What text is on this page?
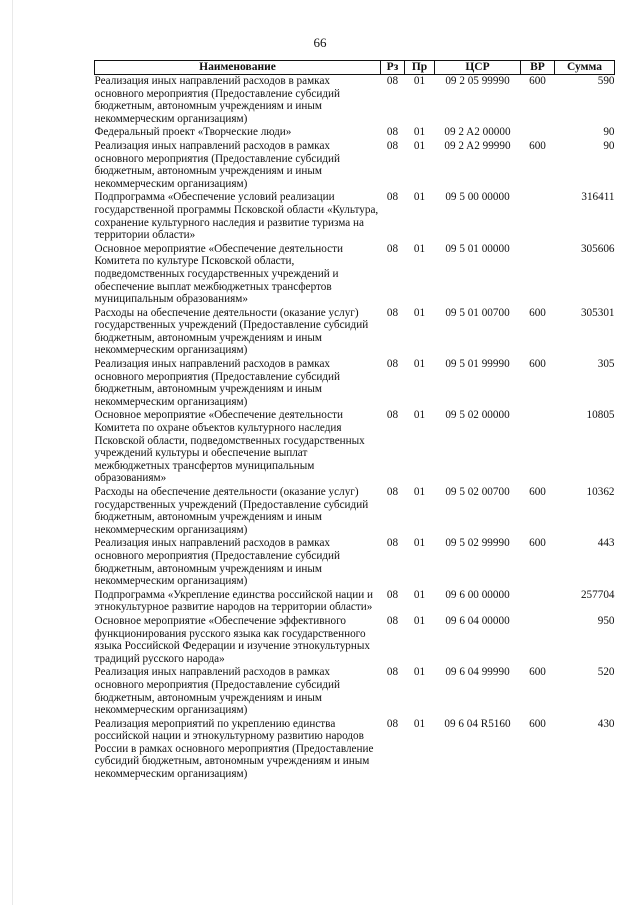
66
Наименование	Рз	Пр	ЦСР	ВР	Сумма
Реализация иных направлений расходов в рамках основного мероприятия (Предоставление субсидий бюджетным, автономным учреждениям и иным некоммерческим организациям)	08	01	09 2 05 99990	600	590
Федеральный проект «Творческие люди»	08	01	09 2 A2 00000		90
Реализация иных направлений расходов в рамках основного мероприятия (Предоставление субсидий бюджетным, автономным учреждениям и иным некоммерческим организациям)	08	01	09 2 A2 99990	600	90
Подпрограмма «Обеспечение условий реализации государственной программы Псковской области «Культура, сохранение культурного наследия и развитие туризма на территории области»	08	01	09 5 00 00000		316411
Основное мероприятие «Обеспечение деятельности Комитета по культуре Псковской области, подведомственных государственных учреждений и обеспечение выплат межбюджетных трансфертов муниципальным образованиям»	08	01	09 5 01 00000		305606
Расходы на обеспечение деятельности (оказание услуг) государственных учреждений (Предоставление субсидий бюджетным, автономным учреждениям и иным некоммерческим организациям)	08	01	09 5 01 00700	600	305301
Реализация иных направлений расходов в рамках основного мероприятия (Предоставление субсидий бюджетным, автономным учреждениям и иным некоммерческим организациям)	08	01	09 5 01 99990	600	305
Основное мероприятие «Обеспечение деятельности Комитета по охране объектов культурного наследия Псковской области, подведомственных государственных учреждений культуры и обеспечение выплат межбюджетных трансфертов муниципальным образованиям»	08	01	09 5 02 00000		10805
Расходы на обеспечение деятельности (оказание услуг) государственных учреждений (Предоставление субсидий бюджетным, автономным учреждениям и иным некоммерческим организациям)	08	01	09 5 02 00700	600	10362
Реализация иных направлений расходов в рамках основного мероприятия (Предоставление субсидий бюджетным, автономным учреждениям и иным некоммерческим организациям)	08	01	09 5 02 99990	600	443
Подпрограмма «Укрепление единства российской нации и этнокультурное развитие народов на территории области»	08	01	09 6 00 00000		257704
Основное мероприятие «Обеспечение эффективного функционирования русского языка как государственного языка Российской Федерации и изучение этнокультурных традиций русского народа»	08	01	09 6 04 00000		950
Реализация иных направлений расходов в рамках основного мероприятия (Предоставление субсидий бюджетным, автономным учреждениям и иным некоммерческим организациям)	08	01	09 6 04 99990	600	520
Реализация мероприятий по укреплению единства российской нации и этнокультурному развитию народов России в рамках основного мероприятия (Предоставление субсидий бюджетным, автономным учреждениям и иным некоммерческим организациям)	08	01	09 6 04 R5160	600	430
